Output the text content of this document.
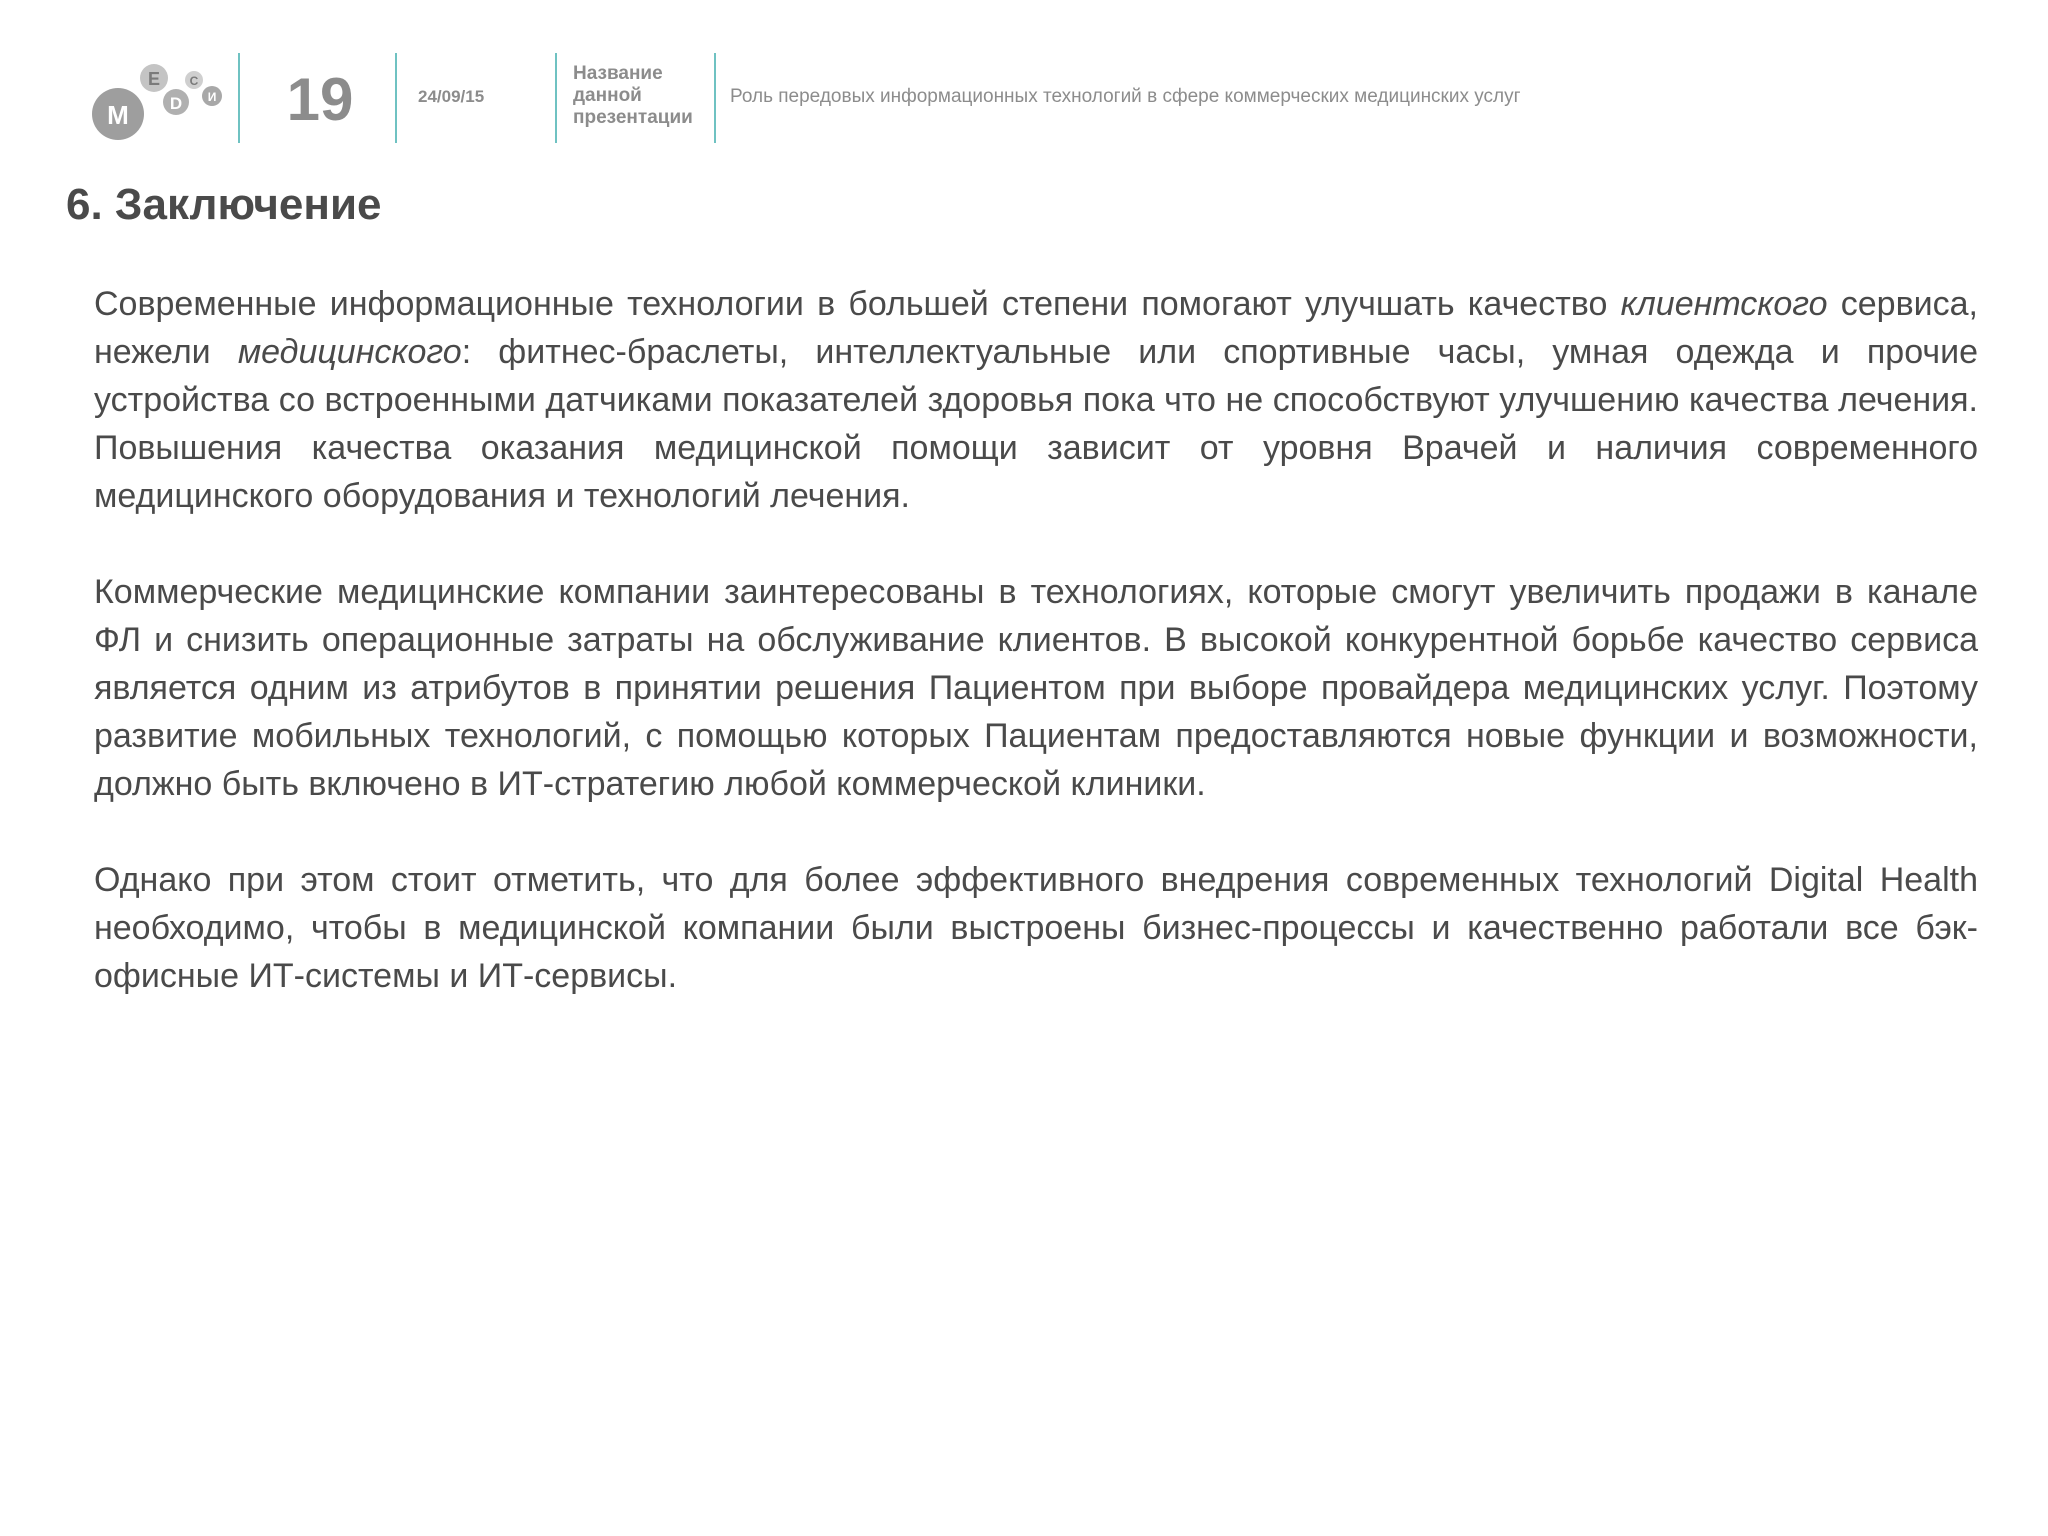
M
E
D
C
И 19	24/09/15
Название данной презентации
Роль передовых информационных технологий в сфере коммерческих медицинских услуг
6. Заключение

Современные информационные технологии в большей степени помогают улучшать качество клиентского сервиса, нежели медицинского: фитнес-браслеты, интеллектуальные или спортивные часы, умная одежда и прочие устройства со встроенными датчиками показателей здоровья пока что не способствуют улучшению качества лечения. Повышения качества оказания медицинской помощи зависит от уровня Врачей и наличия современного медицинского оборудования и технологий лечения.

Коммерческие медицинские компании заинтересованы в технологиях, которые смогут увеличить продажи в канале ФЛ и снизить операционные затраты на обслуживание клиентов. В высокой конкурентной борьбе качество сервиса является одним из атрибутов в принятии решения Пациентом при выборе провайдера медицинских услуг. Поэтому развитие мобильных технологий, с помощью которых Пациентам предоставляются новые функции и возможности, должно быть включено в ИТ-стратегию любой коммерческой клиники.

Однако при этом стоит отметить, что для более эффективного внедрения современных технологий Digital Health необходимо, чтобы в медицинской компании были выстроены бизнес-процессы и качественно работали все бэк-офисные ИТ-системы и ИТ-сервисы.
